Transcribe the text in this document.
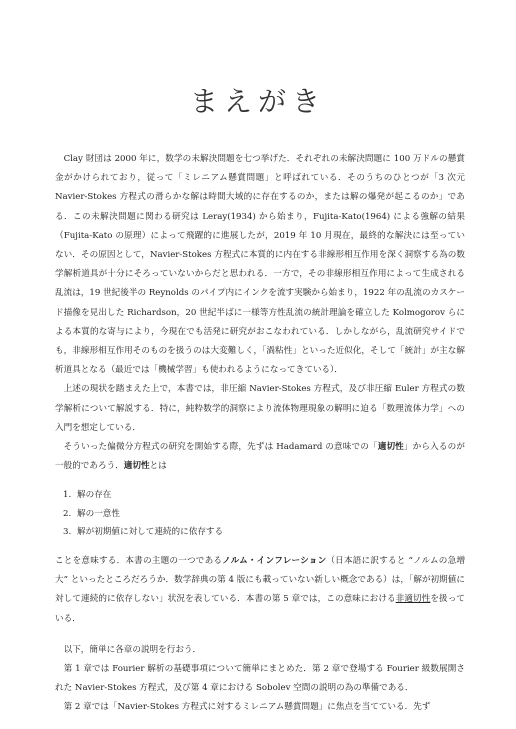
まえがき

Clay 財団は 2000 年に，数学の未解決問題を七つ挙げた．それぞれの未解決問題に 100 万ドルの懸賞金がかけられており，従って「ミレニアム懸賞問題」と呼ばれている．そのうちのひとつが「3 次元 Navier-Stokes 方程式の滑らかな解は時間大域的に存在するのか，または解の爆発が起こるのか」である．この未解決問題に関わる研究は Leray(1934) から始まり，Fujita-Kato(1964) による強解の結果（Fujita-Kato の原理）によって飛躍的に進展したが，2019 年 10 月現在，最終的な解決には至っていない．その原因として，Navier-Stokes 方程式に本質的に内在する非線形相互作用を深く洞察する為の数学解析道具が十分にそろっていないからだと思われる．一方で，その非線形相互作用によって生成される乱流は，19 世紀後半の Reynolds のパイプ内にインクを流す実験から始まり，1922 年の乱流のカスケード描像を見出した Richardson，20 世紀半ばに一様等方性乱流の統計理論を確立した Kolmogorov らによる本質的な寄与により，今現在でも活発に研究がおこなわれている．しかしながら，乱流研究サイドでも，非線形相互作用そのものを扱うのは大変難しく，「渦粘性」といった近似化，そして「統計」が主な解析道具となる（最近では「機械学習」も使われるようになってきている）．

上述の現状を踏まえた上で，本書では，非圧縮 Navier-Stokes 方程式，及び非圧縮 Euler 方程式の数学解析について解説する．特に，純粋数学的洞察により流体物理現象の解明に迫る「数理流体力学」への入門を想定している．

そういった偏微分方程式の研究を開始する際，先ずは Hadamard の意味での「適切性」から入るのが一般的であろう．適切性とは

1. 解の存在
2. 解の一意性
3. 解が初期値に対して連続的に依存する

ことを意味する．本書の主題の一つであるノルム・インフレーション（日本語に訳すると “ノルムの急増大” といったところだろうか．数学辞典の第 4 版にも載っていない新しい概念である）は，「解が初期値に対して連続的に依存しない」状況を表している．本書の第 5 章では，この意味における非適切性を扱っている．

以下，簡単に各章の説明を行おう．

第 1 章では Fourier 解析の基礎事項について簡単にまとめた．第 2 章で登場する Fourier 級数展開された Navier-Stokes 方程式，及び第 4 章における Sobolev 空間の説明の為の準備である．

第 2 章では「Navier-Stokes 方程式に対するミレニアム懸賞問題」に焦点を当てている．先ず
